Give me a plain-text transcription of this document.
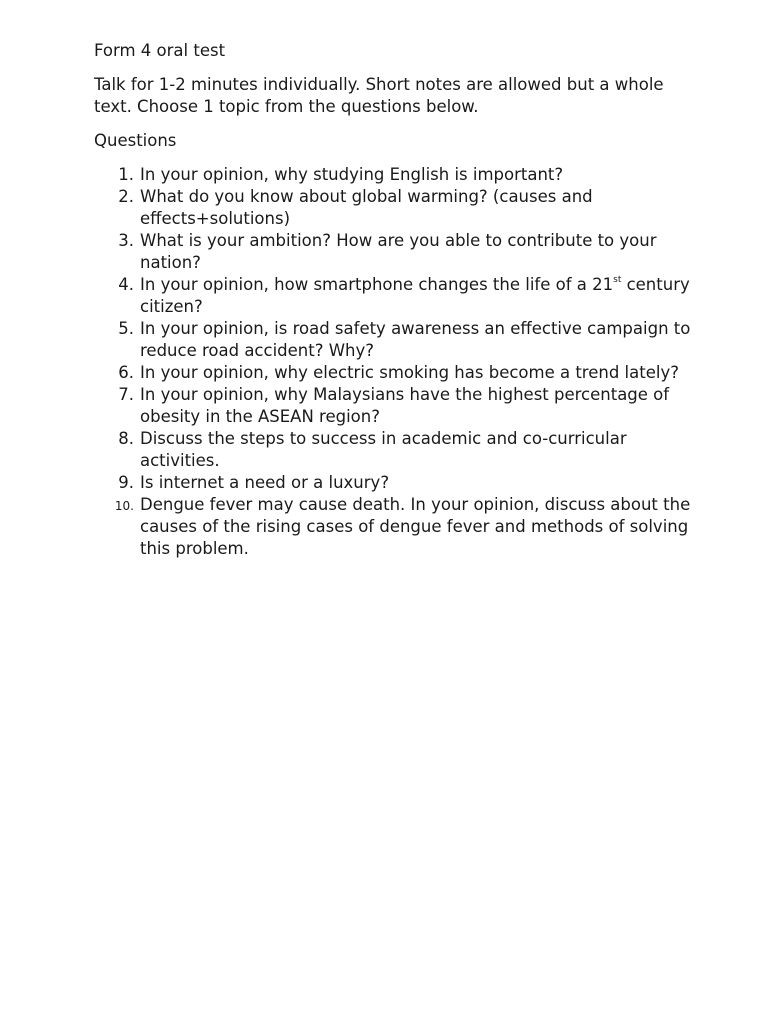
Form 4 oral test

Talk for 1-2 minutes individually. Short notes are allowed but a whole text. Choose 1 topic from the questions below.

Questions

1. In your opinion, why studying English is important?
2. What do you know about global warming? (causes and effects+solutions)
3. What is your ambition? How are you able to contribute to your nation?
4. In your opinion, how smartphone changes the life of a 21st century citizen?
5. In your opinion, is road safety awareness an effective campaign to reduce road accident? Why?
6. In your opinion, why electric smoking has become a trend lately?
7. In your opinion, why Malaysians have the highest percentage of obesity in the ASEAN region?
8. Discuss the steps to success in academic and co-curricular activities.
9. Is internet a need or a luxury?
10. Dengue fever may cause death. In your opinion, discuss about the causes of the rising cases of dengue fever and methods of solving this problem.
